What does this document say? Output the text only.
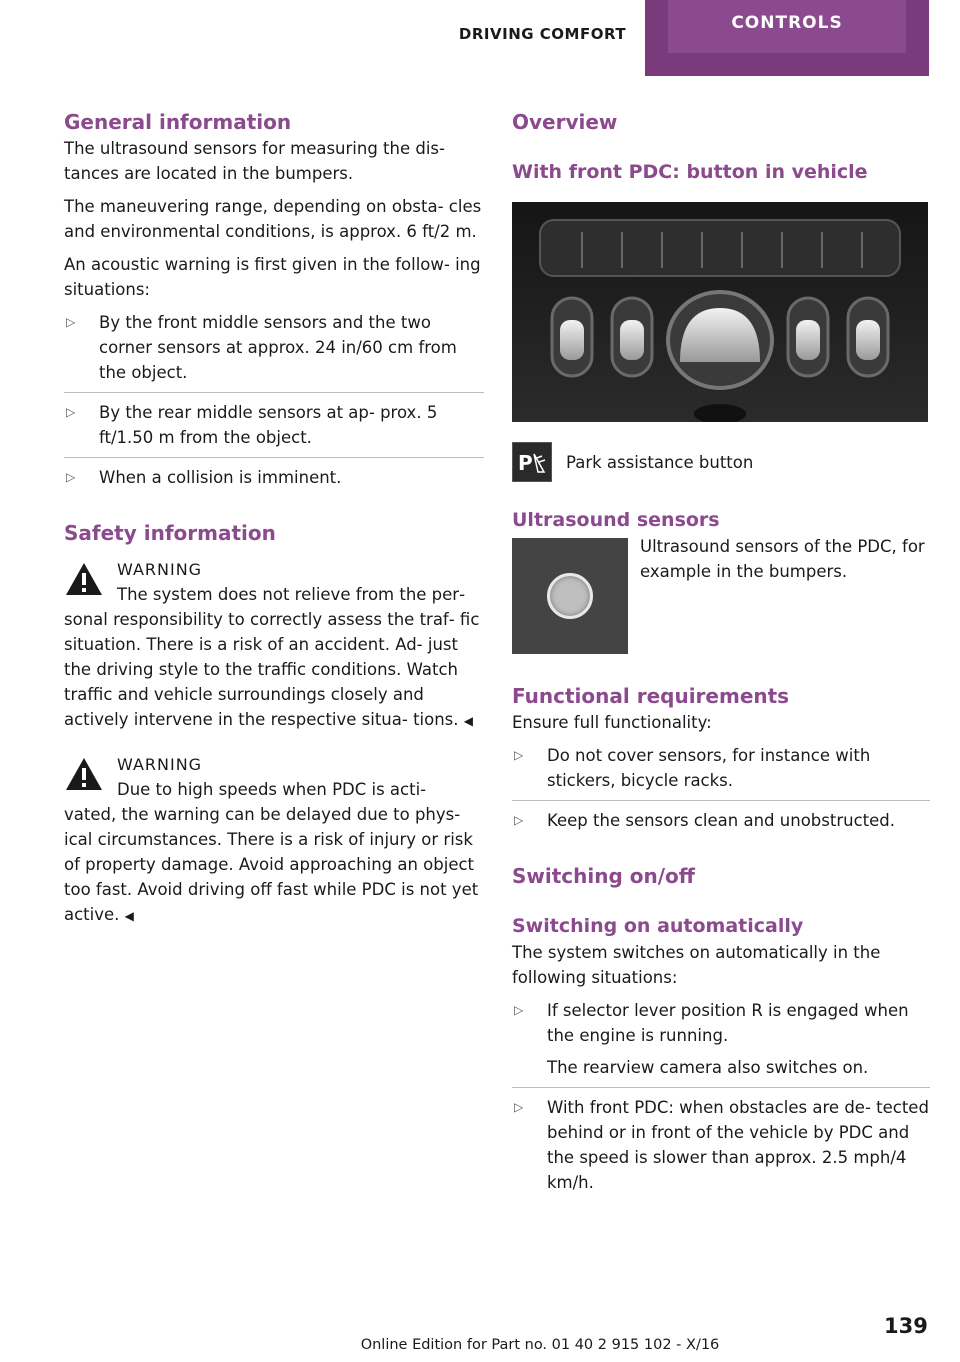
DRIVING COMFORT
CONTROLS
General information

The ultrasound sensors for measuring the dis‐ tances are located in the bumpers.

The maneuvering range, depending on obsta‐ cles and environmental conditions, is approx. 6 ft/2 m.

An acoustic warning is first given in the follow‐ ing situations:

▷ By the front middle sensors and the two corner sensors at approx. 24 in/60 cm from the object.
▷ By the rear middle sensors at ap‐ prox. 5 ft/1.50 m from the object.
▷ When a collision is imminent.
Safety information
WARNING
The system does not relieve from the per‐
sonal responsibility to correctly assess the traf‐ fic situation. There is a risk of an accident. Ad‐ just the driving style to the traffic conditions. Watch traffic and vehicle surroundings closely and actively intervene in the respective situa‐ tions. ◀
WARNING
Due to high speeds when PDC is acti‐
vated, the warning can be delayed due to phys‐ ical circumstances. There is a risk of injury or risk of property damage. Avoid approaching an object too fast. Avoid driving off fast while PDC is not yet active. ◀
Overview
With front PDC: button in vehicle
P Park assistance button
Ultrasound sensors
Ultrasound sensors of the PDC, for example in the bumpers.
Functional requirements

Ensure full functionality:

▷ Do not cover sensors, for instance with stickers, bicycle racks.
▷ Keep the sensors clean and unobstructed.
Switching on/off
Switching on automatically

The system switches on automatically in the following situations:

▷ If selector lever position R is engaged when the engine is running.
The rearview camera also switches on.
▷ With front PDC: when obstacles are de‐ tected behind or in front of the vehicle by PDC and the speed is slower than approx. 2.5 mph/4 km/h.
139
Online Edition for Part no. 01 40 2 915 102 - X/16
